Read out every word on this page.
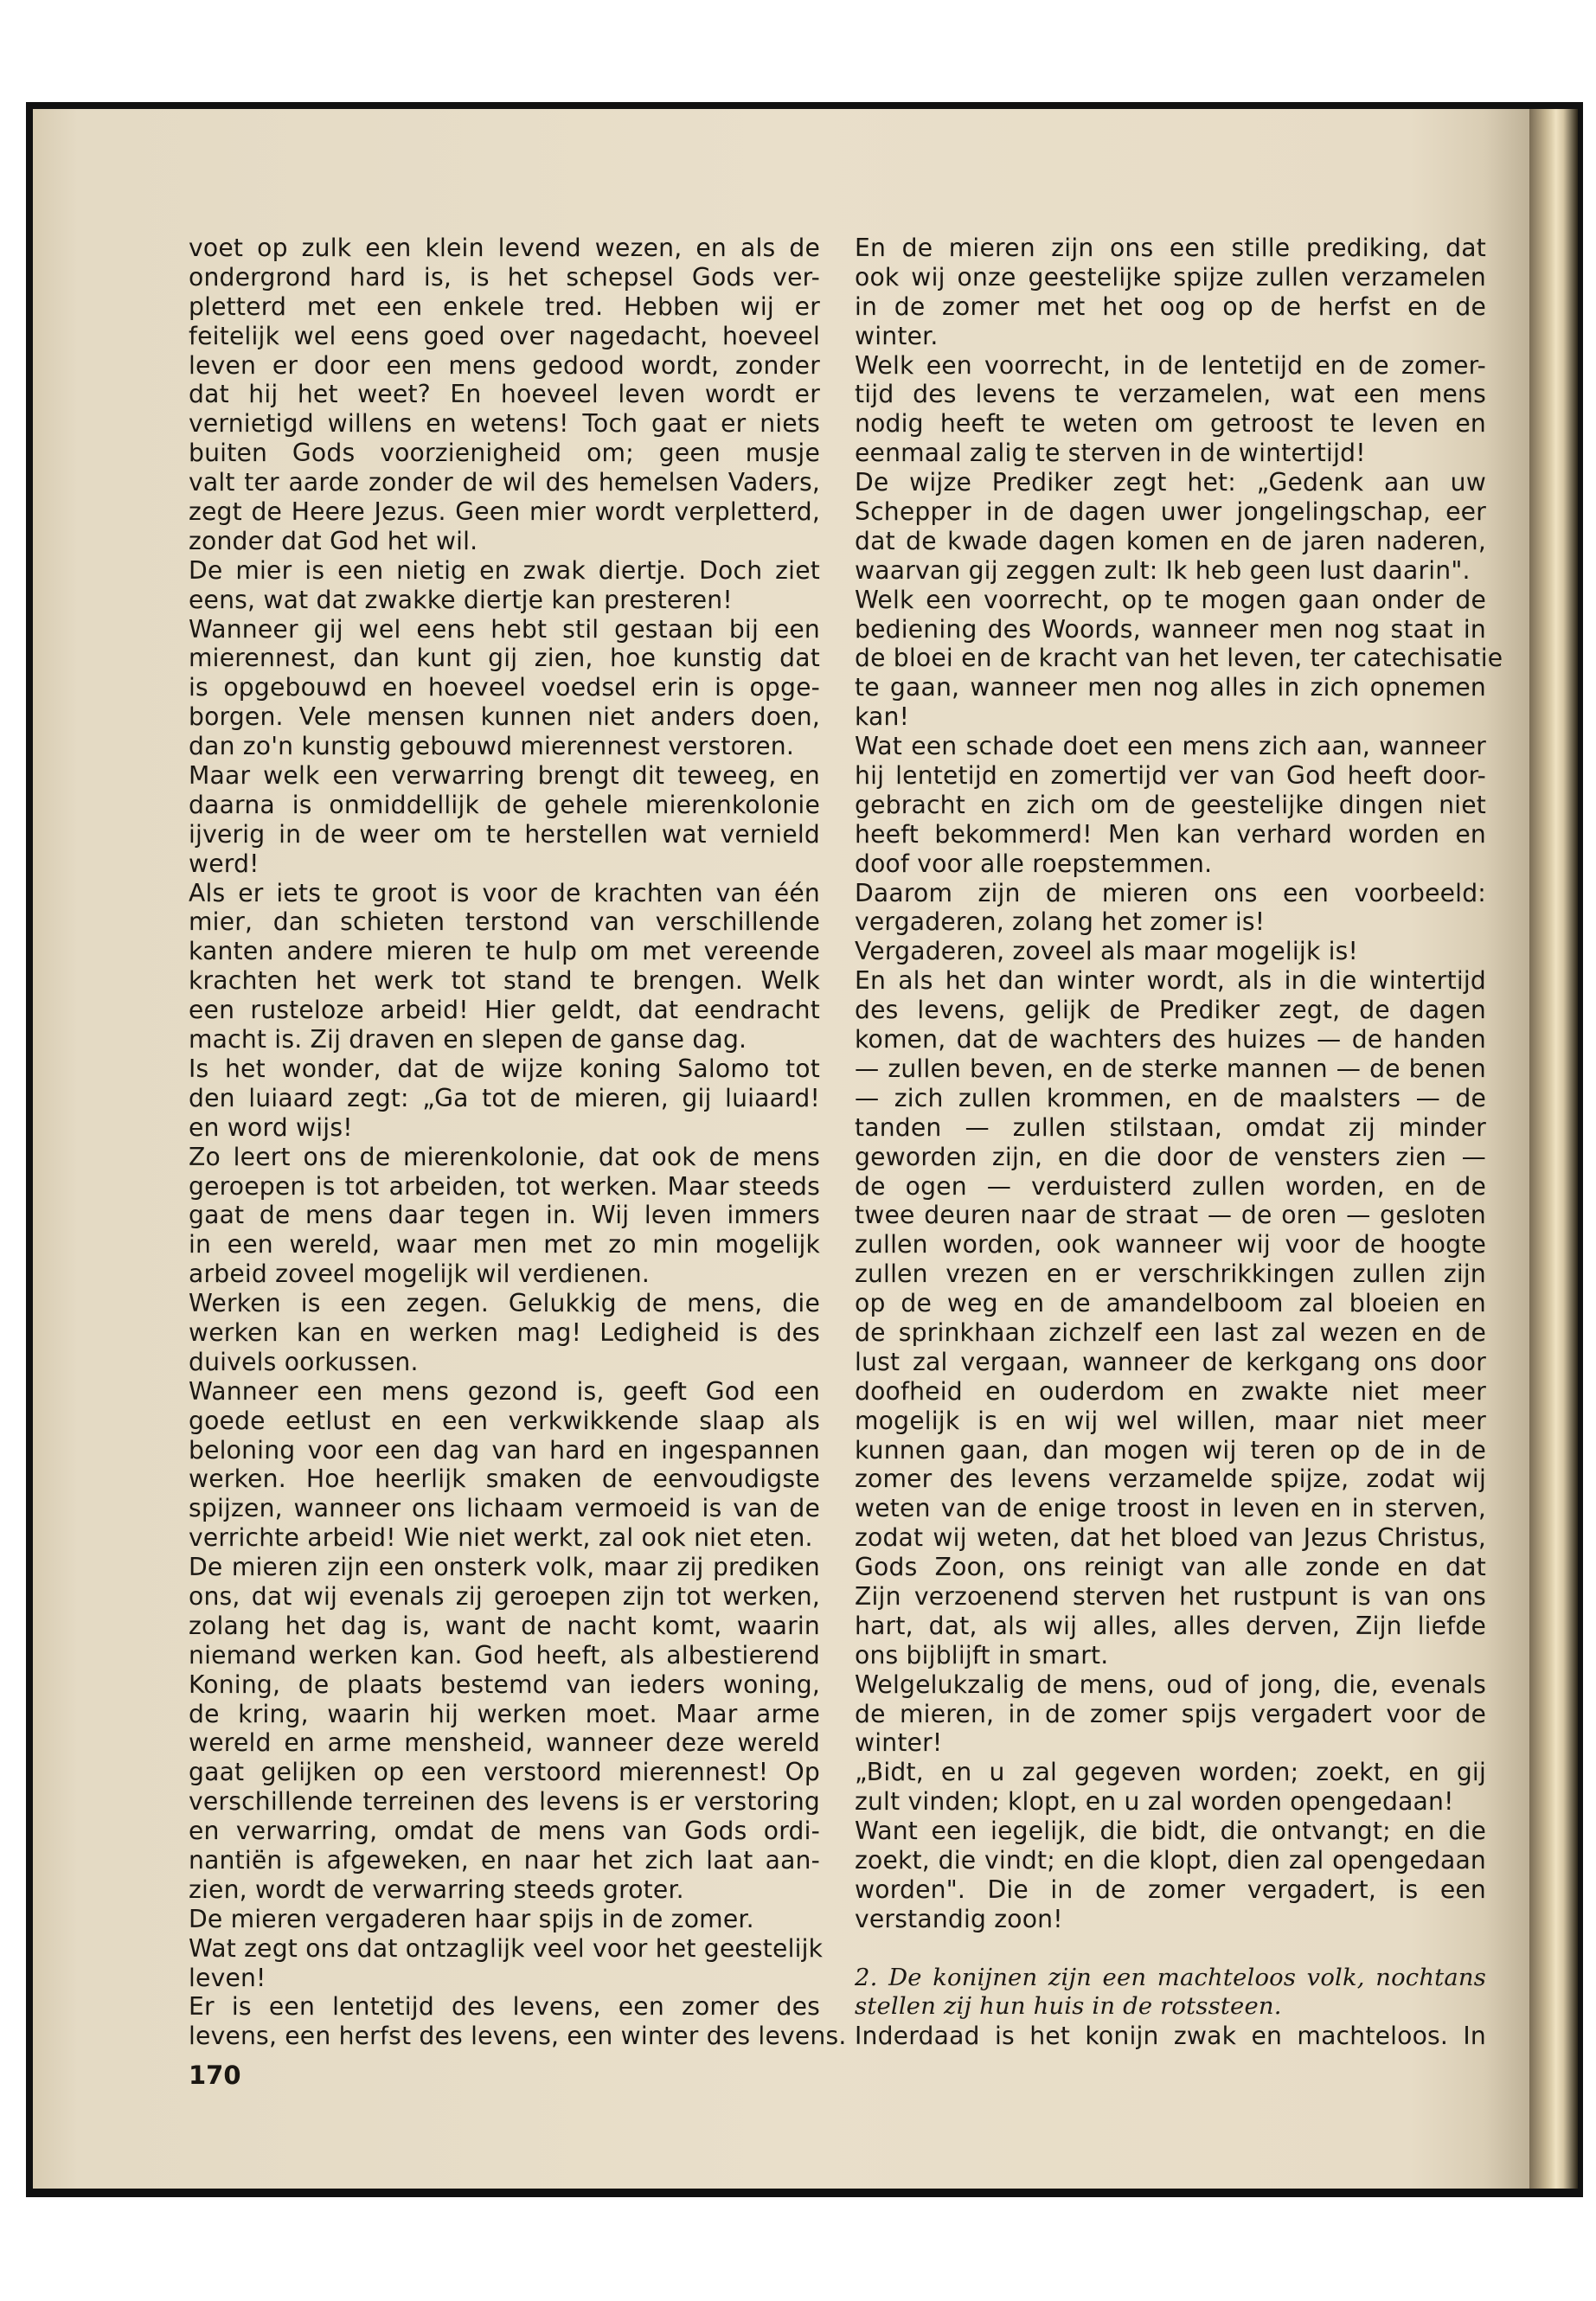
voet op zulk een klein levend wezen, en als de
ondergrond hard is, is het schepsel Gods ver-
pletterd met een enkele tred. Hebben wij er
feitelijk wel eens goed over nagedacht, hoeveel
leven er door een mens gedood wordt, zonder
dat hij het weet? En hoeveel leven wordt er
vernietigd willens en wetens! Toch gaat er niets
buiten Gods voorzienigheid om; geen musje
valt ter aarde zonder de wil des hemelsen Vaders,
zegt de Heere Jezus. Geen mier wordt verpletterd,
zonder dat God het wil.
De mier is een nietig en zwak diertje. Doch ziet
eens, wat dat zwakke diertje kan presteren!
Wanneer gij wel eens hebt stil gestaan bij een
mierennest, dan kunt gij zien, hoe kunstig dat
is opgebouwd en hoeveel voedsel erin is opge-
borgen. Vele mensen kunnen niet anders doen,
dan zo'n kunstig gebouwd mierennest verstoren.
Maar welk een verwarring brengt dit teweeg, en
daarna is onmiddellijk de gehele mierenkolonie
ijverig in de weer om te herstellen wat vernield
werd!
Als er iets te groot is voor de krachten van één
mier, dan schieten terstond van verschillende
kanten andere mieren te hulp om met vereende
krachten het werk tot stand te brengen. Welk
een rusteloze arbeid! Hier geldt, dat eendracht
macht is. Zij draven en slepen de ganse dag.
Is het wonder, dat de wijze koning Salomo tot
den luiaard zegt: „Ga tot de mieren, gij luiaard!
en word wijs!
Zo leert ons de mierenkolonie, dat ook de mens
geroepen is tot arbeiden, tot werken. Maar steeds
gaat de mens daar tegen in. Wij leven immers
in een wereld, waar men met zo min mogelijk
arbeid zoveel mogelijk wil verdienen.
Werken is een zegen. Gelukkig de mens, die
werken kan en werken mag! Ledigheid is des
duivels oorkussen.
Wanneer een mens gezond is, geeft God een
goede eetlust en een verkwikkende slaap als
beloning voor een dag van hard en ingespannen
werken. Hoe heerlijk smaken de eenvoudigste
spijzen, wanneer ons lichaam vermoeid is van de
verrichte arbeid! Wie niet werkt, zal ook niet eten.
De mieren zijn een onsterk volk, maar zij prediken
ons, dat wij evenals zij geroepen zijn tot werken,
zolang het dag is, want de nacht komt, waarin
niemand werken kan. God heeft, als albestierend
Koning, de plaats bestemd van ieders woning,
de kring, waarin hij werken moet. Maar arme
wereld en arme mensheid, wanneer deze wereld
gaat gelijken op een verstoord mierennest! Op
verschillende terreinen des levens is er verstoring
en verwarring, omdat de mens van Gods ordi-
nantiën is afgeweken, en naar het zich laat aan-
zien, wordt de verwarring steeds groter.
De mieren vergaderen haar spijs in de zomer.
Wat zegt ons dat ontzaglijk veel voor het geestelijk
leven!
Er is een lentetijd des levens, een zomer des
levens, een herfst des levens, een winter des levens.
En de mieren zijn ons een stille prediking, dat
ook wij onze geestelijke spijze zullen verzamelen
in de zomer met het oog op de herfst en de
winter.
Welk een voorrecht, in de lentetijd en de zomer-
tijd des levens te verzamelen, wat een mens
nodig heeft te weten om getroost te leven en
eenmaal zalig te sterven in de wintertijd!
De wijze Prediker zegt het: „Gedenk aan uw
Schepper in de dagen uwer jongelingschap, eer
dat de kwade dagen komen en de jaren naderen,
waarvan gij zeggen zult: Ik heb geen lust daarin".
Welk een voorrecht, op te mogen gaan onder de
bediening des Woords, wanneer men nog staat in
de bloei en de kracht van het leven, ter catechisatie
te gaan, wanneer men nog alles in zich opnemen
kan!
Wat een schade doet een mens zich aan, wanneer
hij lentetijd en zomertijd ver van God heeft door-
gebracht en zich om de geestelijke dingen niet
heeft bekommerd! Men kan verhard worden en
doof voor alle roepstemmen.
Daarom zijn de mieren ons een voorbeeld:
vergaderen, zolang het zomer is!
Vergaderen, zoveel als maar mogelijk is!
En als het dan winter wordt, als in die wintertijd
des levens, gelijk de Prediker zegt, de dagen
komen, dat de wachters des huizes — de handen
— zullen beven, en de sterke mannen — de benen
— zich zullen krommen, en de maalsters — de
tanden — zullen stilstaan, omdat zij minder
geworden zijn, en die door de vensters zien —
de ogen — verduisterd zullen worden, en de
twee deuren naar de straat — de oren — gesloten
zullen worden, ook wanneer wij voor de hoogte
zullen vrezen en er verschrikkingen zullen zijn
op de weg en de amandelboom zal bloeien en
de sprinkhaan zichzelf een last zal wezen en de
lust zal vergaan, wanneer de kerkgang ons door
doofheid en ouderdom en zwakte niet meer
mogelijk is en wij wel willen, maar niet meer
kunnen gaan, dan mogen wij teren op de in de
zomer des levens verzamelde spijze, zodat wij
weten van de enige troost in leven en in sterven,
zodat wij weten, dat het bloed van Jezus Christus,
Gods Zoon, ons reinigt van alle zonde en dat
Zijn verzoenend sterven het rustpunt is van ons
hart, dat, als wij alles, alles derven, Zijn liefde
ons bijblijft in smart.
Welgelukzalig de mens, oud of jong, die, evenals
de mieren, in de zomer spijs vergadert voor de
winter!
„Bidt, en u zal gegeven worden; zoekt, en gij
zult vinden; klopt, en u zal worden opengedaan!
Want een iegelijk, die bidt, die ontvangt; en die
zoekt, die vindt; en die klopt, dien zal opengedaan
worden". Die in de zomer vergadert, is een
verstandig zoon!
2. De konijnen zijn een machteloos volk, nochtans
stellen zij hun huis in de rotssteen.
Inderdaad is het konijn zwak en machteloos. In
170
